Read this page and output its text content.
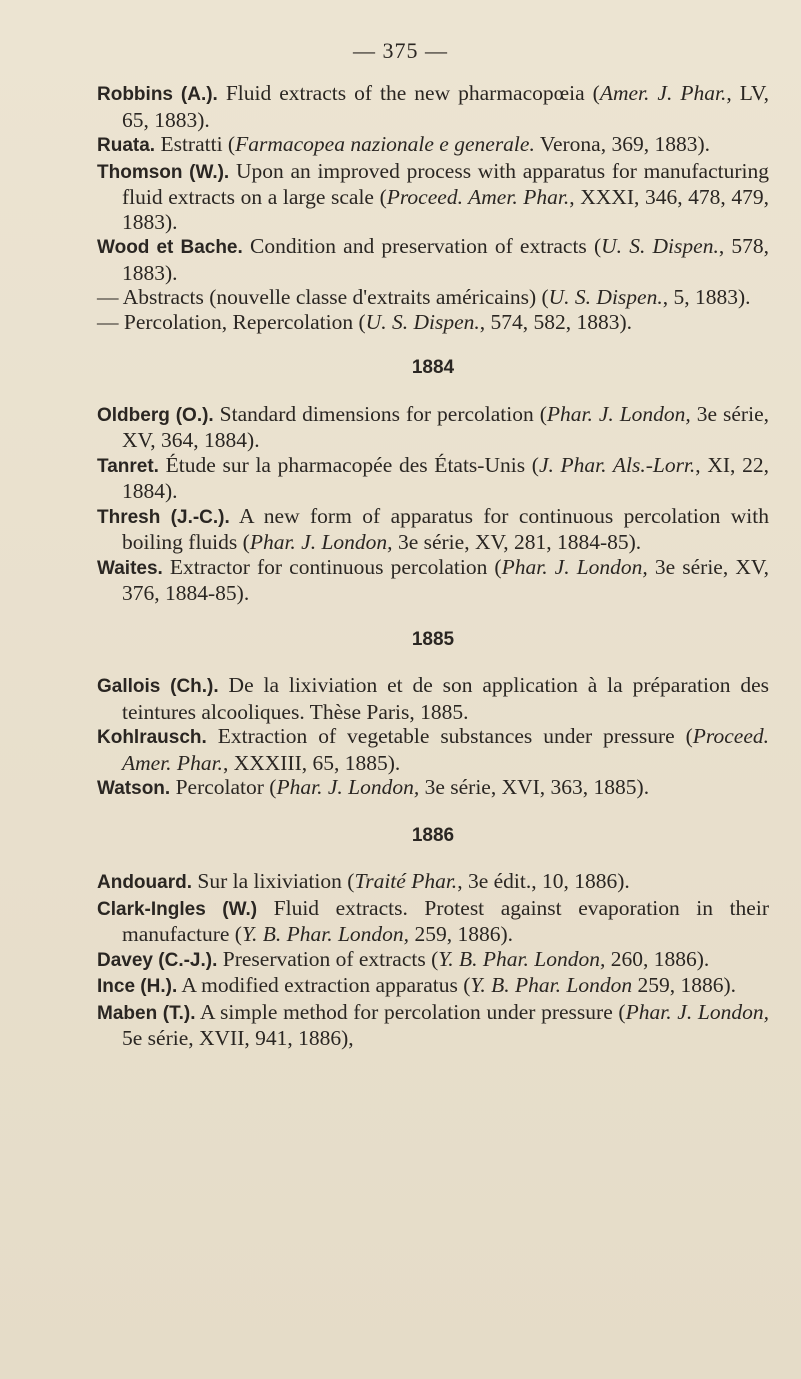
— 375 —

Robbins (A.). Fluid extracts of the new pharmacopœia (Amer. J. Phar., LV, 65, 1883).

Ruata. Estratti (Farmacopea nazionale e generale. Verona, 369, 1883).

Thomson (W.). Upon an improved process with apparatus for manufacturing fluid extracts on a large scale (Proceed. Amer. Phar., XXXI, 346, 478, 479, 1883).

Wood et Bache. Condition and preservation of extracts (U. S. Dispen., 578, 1883).

— Abstracts (nouvelle classe d'extraits américains) (U. S. Dispen., 5, 1883).

— Percolation, Repercolation (U. S. Dispen., 574, 582, 1883).

1884

Oldberg (O.). Standard dimensions for percolation (Phar. J. London, 3e série, XV, 364, 1884).

Tanret. Étude sur la pharmacopée des États-Unis (J. Phar. Als.-Lorr., XI, 22, 1884).

Thresh (J.-C.). A new form of apparatus for continuous percolation with boiling fluids (Phar. J. London, 3e série, XV, 281, 1884-85).

Waites. Extractor for continuous percolation (Phar. J. London, 3e série, XV, 376, 1884-85).

1885

Gallois (Ch.). De la lixiviation et de son application à la préparation des teintures alcooliques. Thèse Paris, 1885.

Kohlrausch. Extraction of vegetable substances under pressure (Proceed. Amer. Phar., XXXIII, 65, 1885).

Watson. Percolator (Phar. J. London, 3e série, XVI, 363, 1885).

1886

Andouard. Sur la lixiviation (Traité Phar., 3e édit., 10, 1886).

Clark-Ingles (W.) Fluid extracts. Protest against evaporation in their manufacture (Y. B. Phar. London, 259, 1886).

Davey (C.-J.). Preservation of extracts (Y. B. Phar. London, 260, 1886).

Ince (H.). A modified extraction apparatus (Y. B. Phar. London 259, 1886).

Maben (T.). A simple method for percolation under pressure (Phar. J. London, 5e série, XVII, 941, 1886),
